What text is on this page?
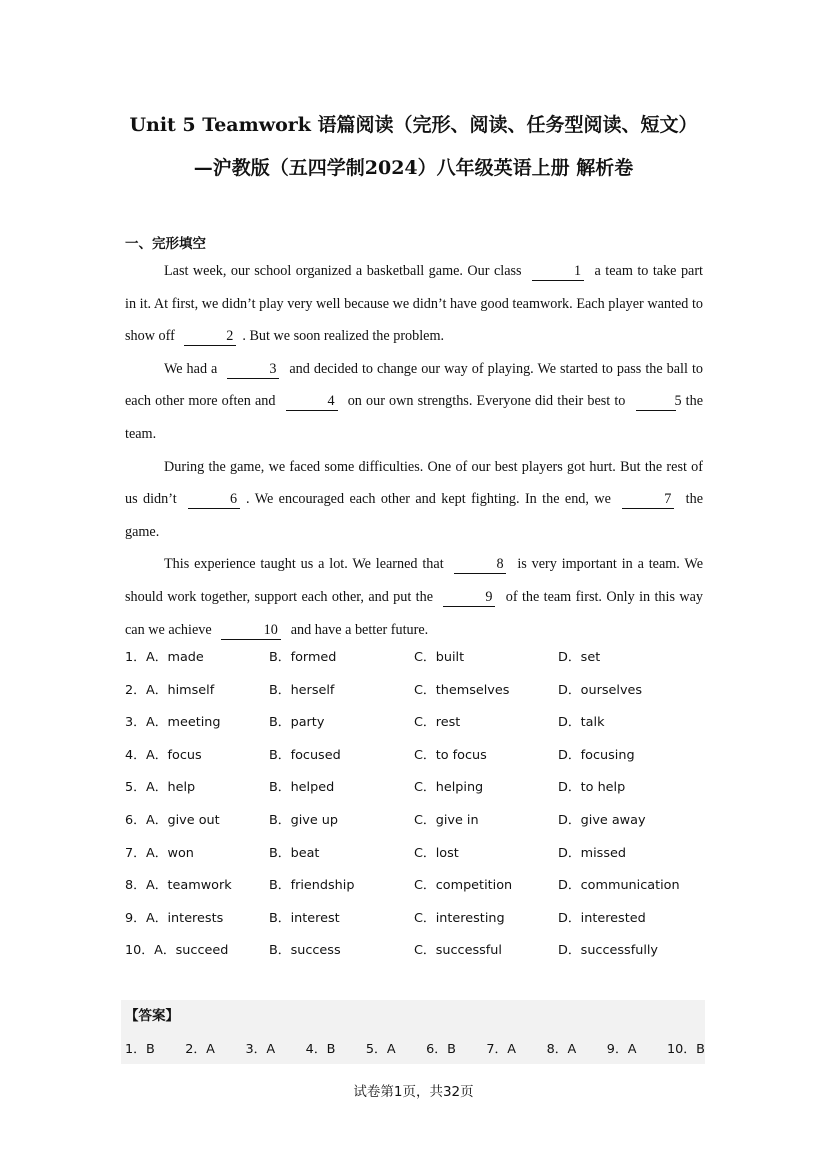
Unit 5 Teamwork 语篇阅读（完形、阅读、任务型阅读、短文）
—沪教版（五四学制2024）八年级英语上册 解析卷
一、完形填空

Last week, our school organized a basketball game. Our class	1 a team to take part in it. At first, we didn’t play very well because we didn’t have good teamwork. Each player wanted to show off	2 . But we soon realized the problem.

We had a	3 and decided to change our way of playing. We started to pass the ball to each other more often and	4 on our own strengths. Everyone did their best to	5 the team.

During the game, we faced some difficulties. One of our best players got hurt. But the rest of us didn’t	6 . We encouraged each other and kept fighting. In the end, we	7 the game.

This experience taught us a lot. We learned that	8 is very important in a team. We should work together, support each other, and put the	9 of the team first. Only in this way can we achieve	10 and have a better future.

1．A．made	B．formed	C．built	D．set
2．A．himself	B．herself	C．themselves	D．ourselves
3．A．meeting	B．party	C．rest	D．talk
4．A．focus	B．focused	C．to focus	D．focusing
5．A．help	B．helped	C．helping	D．to help
6．A．give out	B．give up	C．give in	D．give away
7．A．won	B．beat	C．lost	D．missed
8．A．teamwork	B．friendship	C．competition	D．communication
9．A．interests	B．interest	C．interesting	D．interested
10．A．succeed	B．success	C．successful	D．successfully
【答案】
1．B 2．A 3．A 4．B 5．A 6．B 7．A 8．A 9．A 10．B
试卷第1页，共32页
